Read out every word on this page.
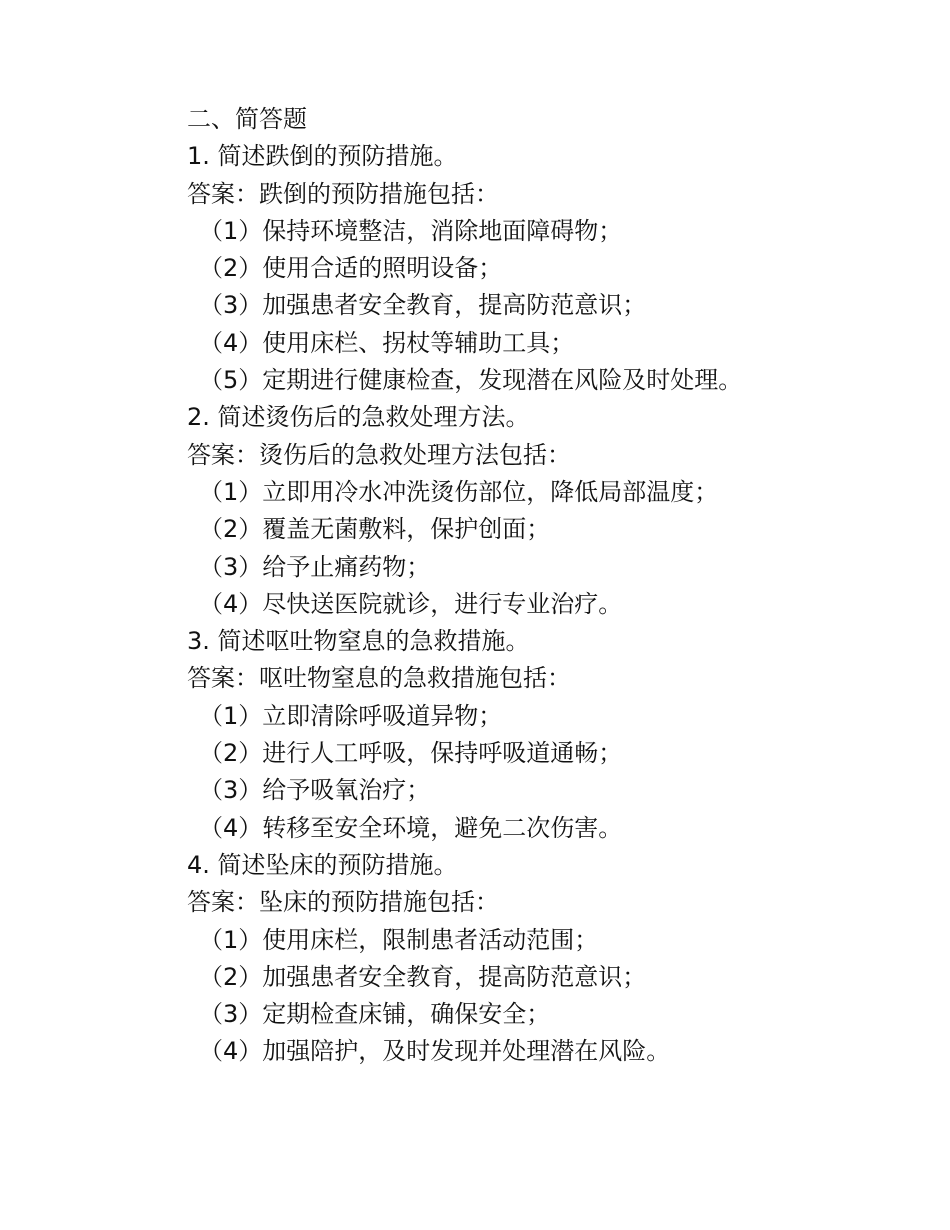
二、简答题
1. 简述跌倒的预防措施。
答案：跌倒的预防措施包括：
（1）保持环境整洁，消除地面障碍物；
（2）使用合适的照明设备；
（3）加强患者安全教育，提高防范意识；
（4）使用床栏、拐杖等辅助工具；
（5）定期进行健康检查，发现潜在风险及时处理。
2. 简述烫伤后的急救处理方法。
答案：烫伤后的急救处理方法包括：
（1）立即用冷水冲洗烫伤部位，降低局部温度；
（2）覆盖无菌敷料，保护创面；
（3）给予止痛药物；
（4）尽快送医院就诊，进行专业治疗。
3. 简述呕吐物窒息的急救措施。
答案：呕吐物窒息的急救措施包括：
（1）立即清除呼吸道异物；
（2）进行人工呼吸，保持呼吸道通畅；
（3）给予吸氧治疗；
（4）转移至安全环境，避免二次伤害。
4. 简述坠床的预防措施。
答案：坠床的预防措施包括：
（1）使用床栏，限制患者活动范围；
（2）加强患者安全教育，提高防范意识；
（3）定期检查床铺，确保安全；
（4）加强陪护，及时发现并处理潜在风险。
